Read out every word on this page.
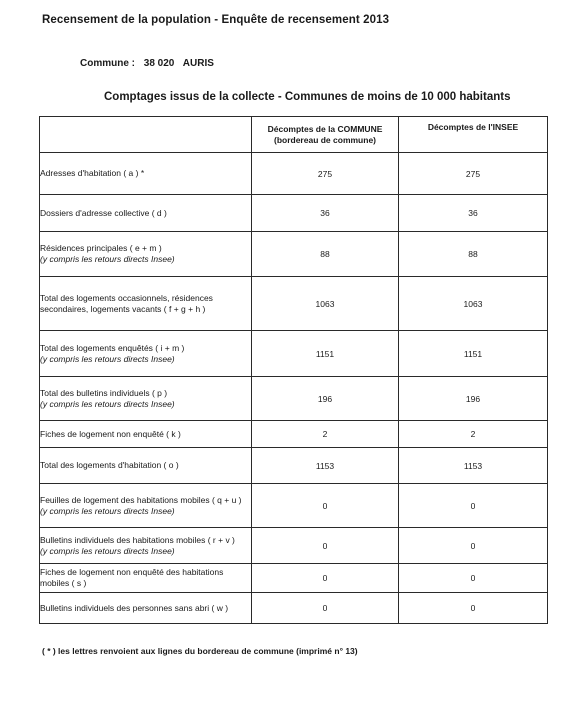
Recensement de la population - Enquête de recensement 2013
Commune : 38 020 AURIS
Comptages issus de la collecte - Communes de moins de 10 000 habitants
	Décomptes de la COMMUNE (bordereau de commune)	Décomptes de l'INSEE
Adresses d'habitation ( a ) *	275	275
Dossiers d'adresse collective ( d )	36	36
Résidences principales ( e + m )
(y compris les retours directs Insee)	88	88
Total des logements occasionnels, résidences secondaires, logements vacants ( f + g + h )	1063	1063
Total des logements enquêtés ( i + m )
(y compris les retours directs Insee)	1151	1151
Total des bulletins individuels ( p )
(y compris les retours directs Insee)	196	196
Fiches de logement non enquêté ( k )	2	2
Total des logements d'habitation ( o )	1153	1153
Feuilles de logement des habitations mobiles ( q + u )
(y compris les retours directs Insee)	0	0
Bulletins individuels des habitations mobiles ( r + v )
(y compris les retours directs Insee)	0	0
Fiches de logement non enquêté des habitations mobiles ( s )	0	0
Bulletins individuels des personnes sans abri ( w )	0	0
( * ) les lettres renvoient aux lignes du bordereau de commune (imprimé n° 13)
